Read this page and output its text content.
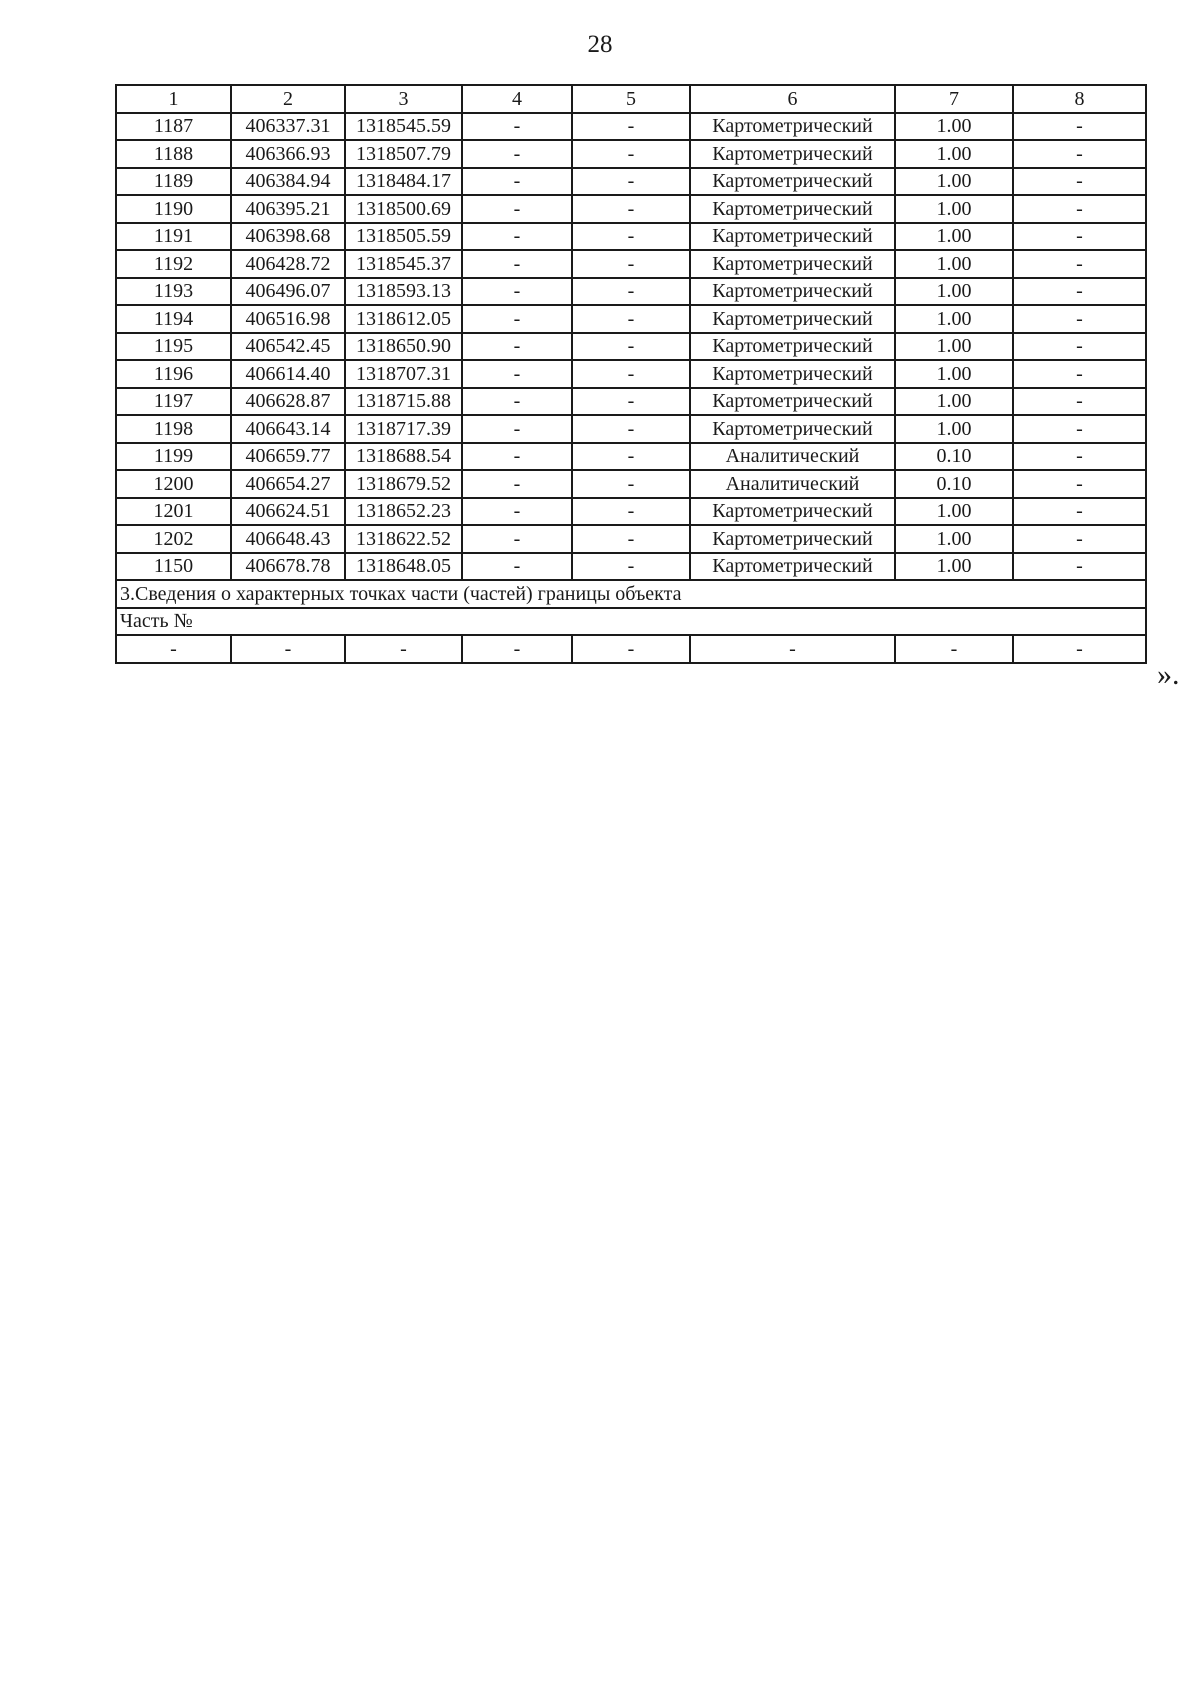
28
1	2	3	4	5	6	7	8
1187	406337.31	1318545.59	-	-	Картометрический	1.00	-
1188	406366.93	1318507.79	-	-	Картометрический	1.00	-
1189	406384.94	1318484.17	-	-	Картометрический	1.00	-
1190	406395.21	1318500.69	-	-	Картометрический	1.00	-
1191	406398.68	1318505.59	-	-	Картометрический	1.00	-
1192	406428.72	1318545.37	-	-	Картометрический	1.00	-
1193	406496.07	1318593.13	-	-	Картометрический	1.00	-
1194	406516.98	1318612.05	-	-	Картометрический	1.00	-
1195	406542.45	1318650.90	-	-	Картометрический	1.00	-
1196	406614.40	1318707.31	-	-	Картометрический	1.00	-
1197	406628.87	1318715.88	-	-	Картометрический	1.00	-
1198	406643.14	1318717.39	-	-	Картометрический	1.00	-
1199	406659.77	1318688.54	-	-	Аналитический	0.10	-
1200	406654.27	1318679.52	-	-	Аналитический	0.10	-
1201	406624.51	1318652.23	-	-	Картометрический	1.00	-
1202	406648.43	1318622.52	-	-	Картометрический	1.00	-
1150	406678.78	1318648.05	-	-	Картометрический	1.00	-
3.Сведения о характерных точках части (частей) границы объекта							
Часть №							
-	-	-	-	-	-	-	-
».
